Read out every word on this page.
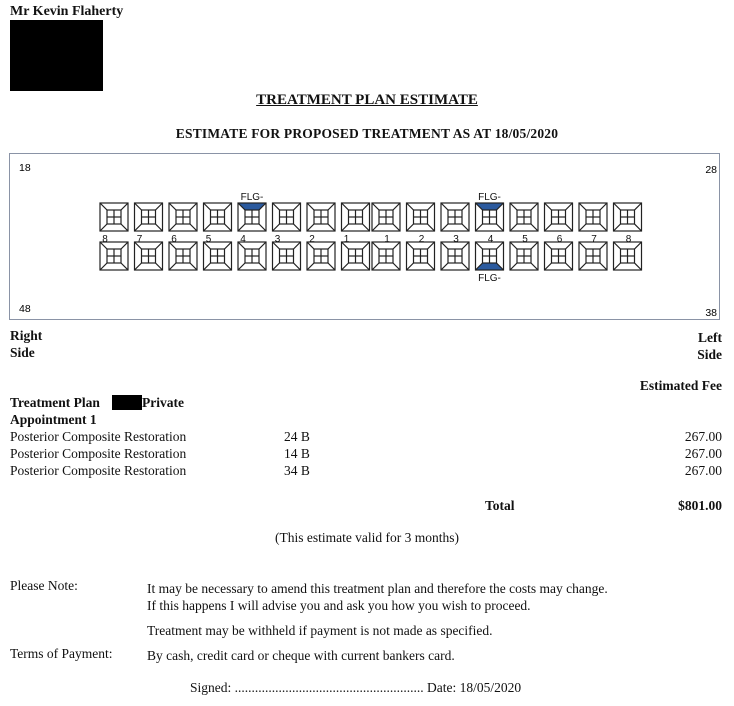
Mr Kevin Flaherty
TREATMENT PLAN ESTIMATE
ESTIMATE FOR PROPOSED TREATMENT AS AT 18/05/2020
18	28
48	38
8	7	6	5
FLG-
4	3	2	1	1	2	3
FLG-
FLG-
4	5	6	7	8
Right
Side
Left
Side
Estimated Fee
Treatment Plan	Private
Appointment 1
Posterior Composite Restoration	24 B	267.00
Posterior Composite Restoration	14 B	267.00
Posterior Composite Restoration	34 B	267.00
Total	$801.00
(This estimate valid for 3 months)
Please Note:	It may be necessary to amend this treatment plan and therefore the costs may change.
If this happens I will advise you and ask you how you wish to proceed.
Treatment may be withheld if payment is not made as specified.
Terms of Payment:	By cash, credit card or cheque with current bankers card.
Signed: ........................................................ Date: 18/05/2020
